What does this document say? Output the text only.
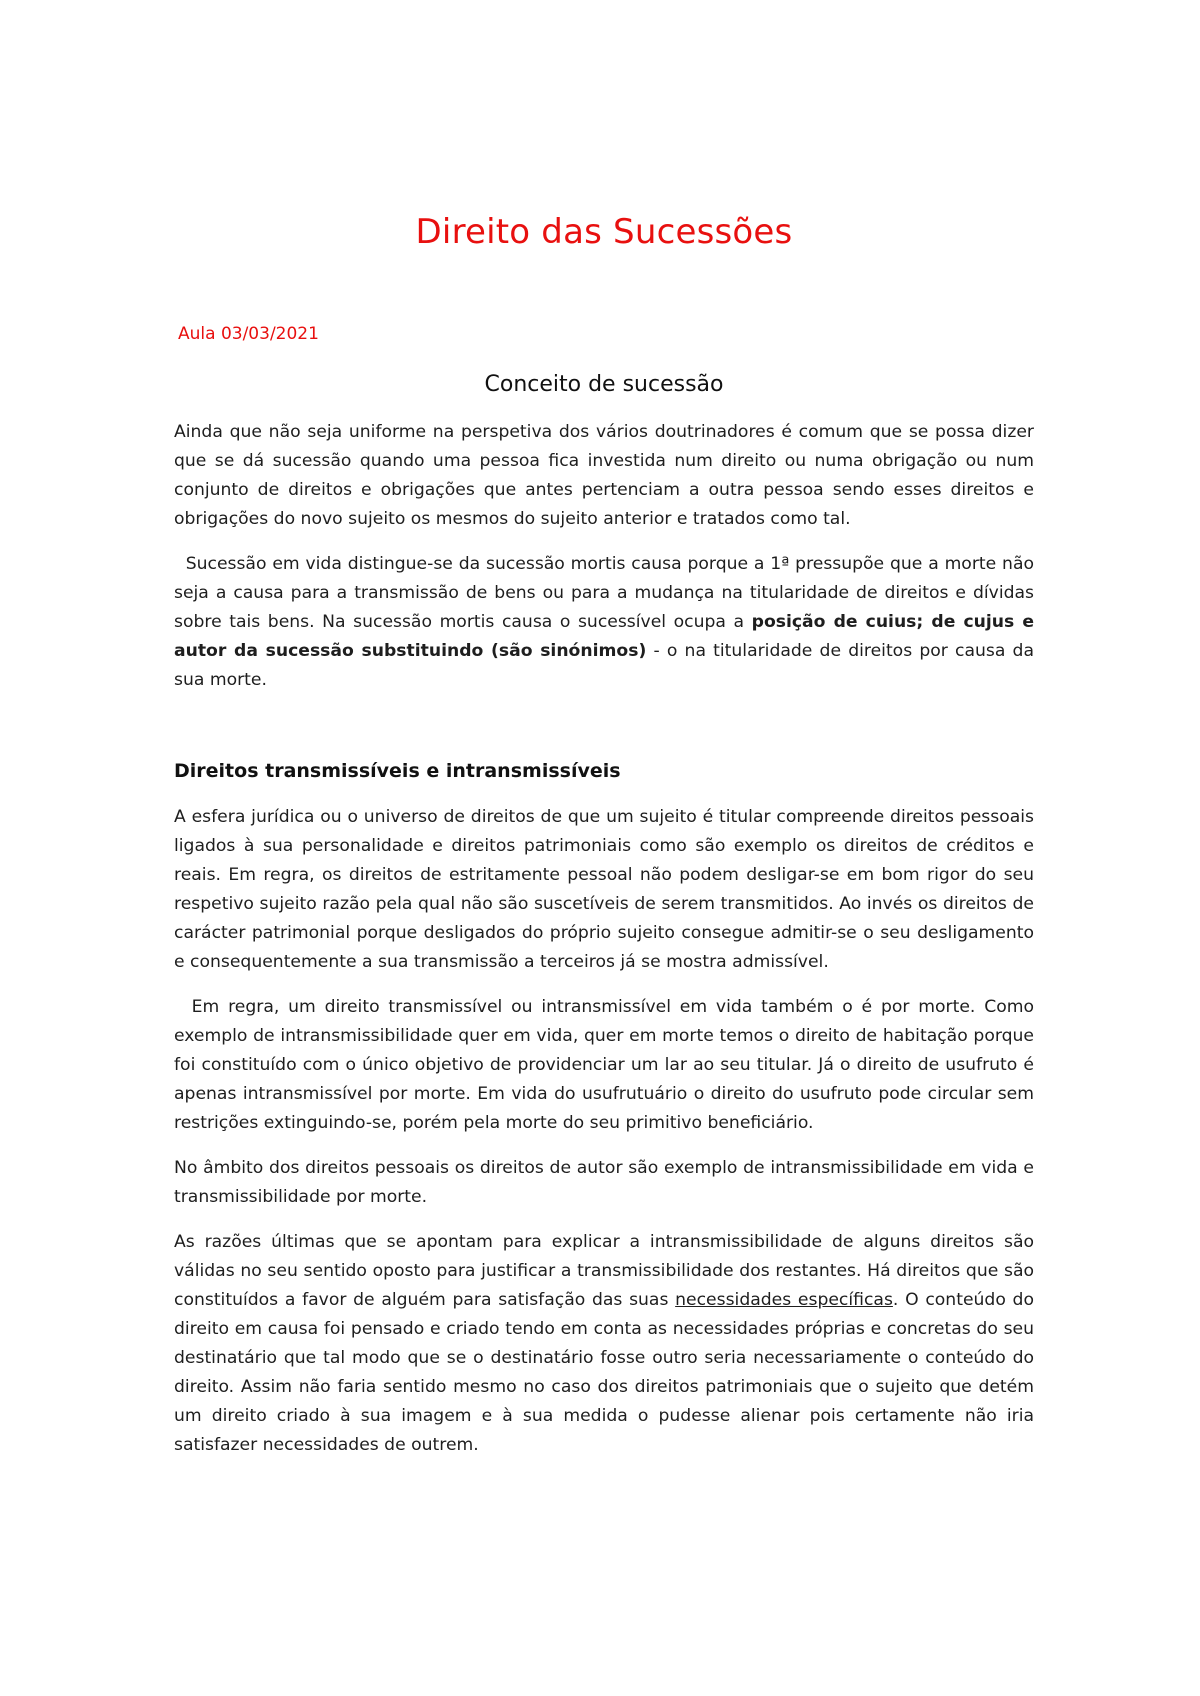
Direito das Sucessões
Aula 03/03/2021
Conceito de sucessão

Ainda que não seja uniforme na perspetiva dos vários doutrinadores é comum que se possa dizer que se dá sucessão quando uma pessoa fica investida num direito ou numa obrigação ou num conjunto de direitos e obrigações que antes pertenciam a outra pessoa sendo esses direitos e obrigações do novo sujeito os mesmos do sujeito anterior e tratados como tal.

Sucessão em vida distingue-se da sucessão mortis causa porque a 1ª pressupõe que a morte não seja a causa para a transmissão de bens ou para a mudança na titularidade de direitos e dívidas sobre tais bens. Na sucessão mortis causa o sucessível ocupa a posição de cuius; de cujus e autor da sucessão substituindo (são sinónimos) - o na titularidade de direitos por causa da sua morte.

Direitos transmissíveis e intransmissíveis

A esfera jurídica ou o universo de direitos de que um sujeito é titular compreende direitos pessoais ligados à sua personalidade e direitos patrimoniais como são exemplo os direitos de créditos e reais. Em regra, os direitos de estritamente pessoal não podem desligar-se em bom rigor do seu respetivo sujeito razão pela qual não são suscetíveis de serem transmitidos. Ao invés os direitos de carácter patrimonial porque desligados do próprio sujeito consegue admitir-se o seu desligamento e consequentemente a sua transmissão a terceiros já se mostra admissível.

Em regra, um direito transmissível ou intransmissível em vida também o é por morte. Como exemplo de intransmissibilidade quer em vida, quer em morte temos o direito de habitação porque foi constituído com o único objetivo de providenciar um lar ao seu titular. Já o direito de usufruto é apenas intransmissível por morte. Em vida do usufrutuário o direito do usufruto pode circular sem restrições extinguindo-se, porém pela morte do seu primitivo beneficiário.

No âmbito dos direitos pessoais os direitos de autor são exemplo de intransmissibilidade em vida e transmissibilidade por morte.

As razões últimas que se apontam para explicar a intransmissibilidade de alguns direitos são válidas no seu sentido oposto para justificar a transmissibilidade dos restantes. Há direitos que são constituídos a favor de alguém para satisfação das suas necessidades específicas. O conteúdo do direito em causa foi pensado e criado tendo em conta as necessidades próprias e concretas do seu destinatário que tal modo que se o destinatário fosse outro seria necessariamente o conteúdo do direito. Assim não faria sentido mesmo no caso dos direitos patrimoniais que o sujeito que detém um direito criado à sua imagem e à sua medida o pudesse alienar pois certamente não iria satisfazer necessidades de outrem.
